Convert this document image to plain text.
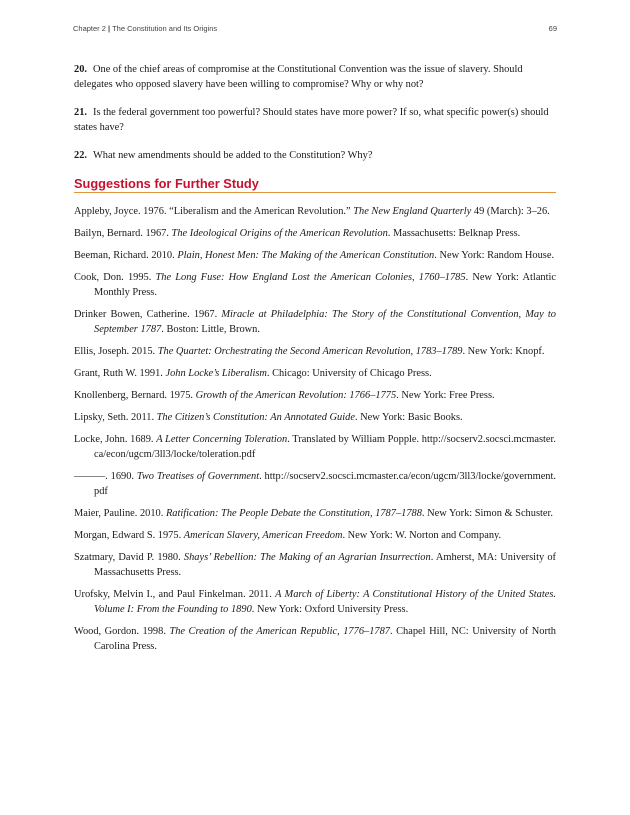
Chapter 2 | The Constitution and Its Origins	69

20. One of the chief areas of compromise at the Constitutional Convention was the issue of slavery. Should delegates who opposed slavery have been willing to compromise? Why or why not?

21. Is the federal government too powerful? Should states have more power? If so, what specific power(s) should states have?

22. What new amendments should be added to the Constitution? Why?

Suggestions for Further Study

Appleby, Joyce. 1976. “Liberalism and the American Revolution.” The New England Quarterly 49 (March): 3–26.

Bailyn, Bernard. 1967. The Ideological Origins of the American Revolution. Massachusetts: Belknap Press.

Beeman, Richard. 2010. Plain, Honest Men: The Making of the American Constitution. New York: Random House.

Cook, Don. 1995. The Long Fuse: How England Lost the American Colonies, 1760–1785. New York: Atlantic Monthly Press.

Drinker Bowen, Catherine. 1967. Miracle at Philadelphia: The Story of the Constitutional Convention, May to September 1787. Boston: Little, Brown.

Ellis, Joseph. 2015. The Quartet: Orchestrating the Second American Revolution, 1783–1789. New York: Knopf.

Grant, Ruth W. 1991. John Locke’s Liberalism. Chicago: University of Chicago Press.

Knollenberg, Bernard. 1975. Growth of the American Revolution: 1766–1775. New York: Free Press.

Lipsky, Seth. 2011. The Citizen’s Constitution: An Annotated Guide. New York: Basic Books.

Locke, John. 1689. A Letter Concerning Toleration. Translated by William Popple. http://socserv2.socsci.mcmaster.ca/econ/ugcm/3ll3/locke/toleration.pdf

———. 1690. Two Treatises of Government. http://socserv2.socsci.mcmaster.ca/econ/ugcm/3ll3/locke/government.pdf

Maier, Pauline. 2010. Ratification: The People Debate the Constitution, 1787–1788. New York: Simon & Schuster.

Morgan, Edward S. 1975. American Slavery, American Freedom. New York: W. Norton and Company.

Szatmary, David P. 1980. Shays’ Rebellion: The Making of an Agrarian Insurrection. Amherst, MA: University of Massachusetts Press.

Urofsky, Melvin I., and Paul Finkelman. 2011. A March of Liberty: A Constitutional History of the United States. Volume I: From the Founding to 1890. New York: Oxford University Press.

Wood, Gordon. 1998. The Creation of the American Republic, 1776–1787. Chapel Hill, NC: University of North Carolina Press.
